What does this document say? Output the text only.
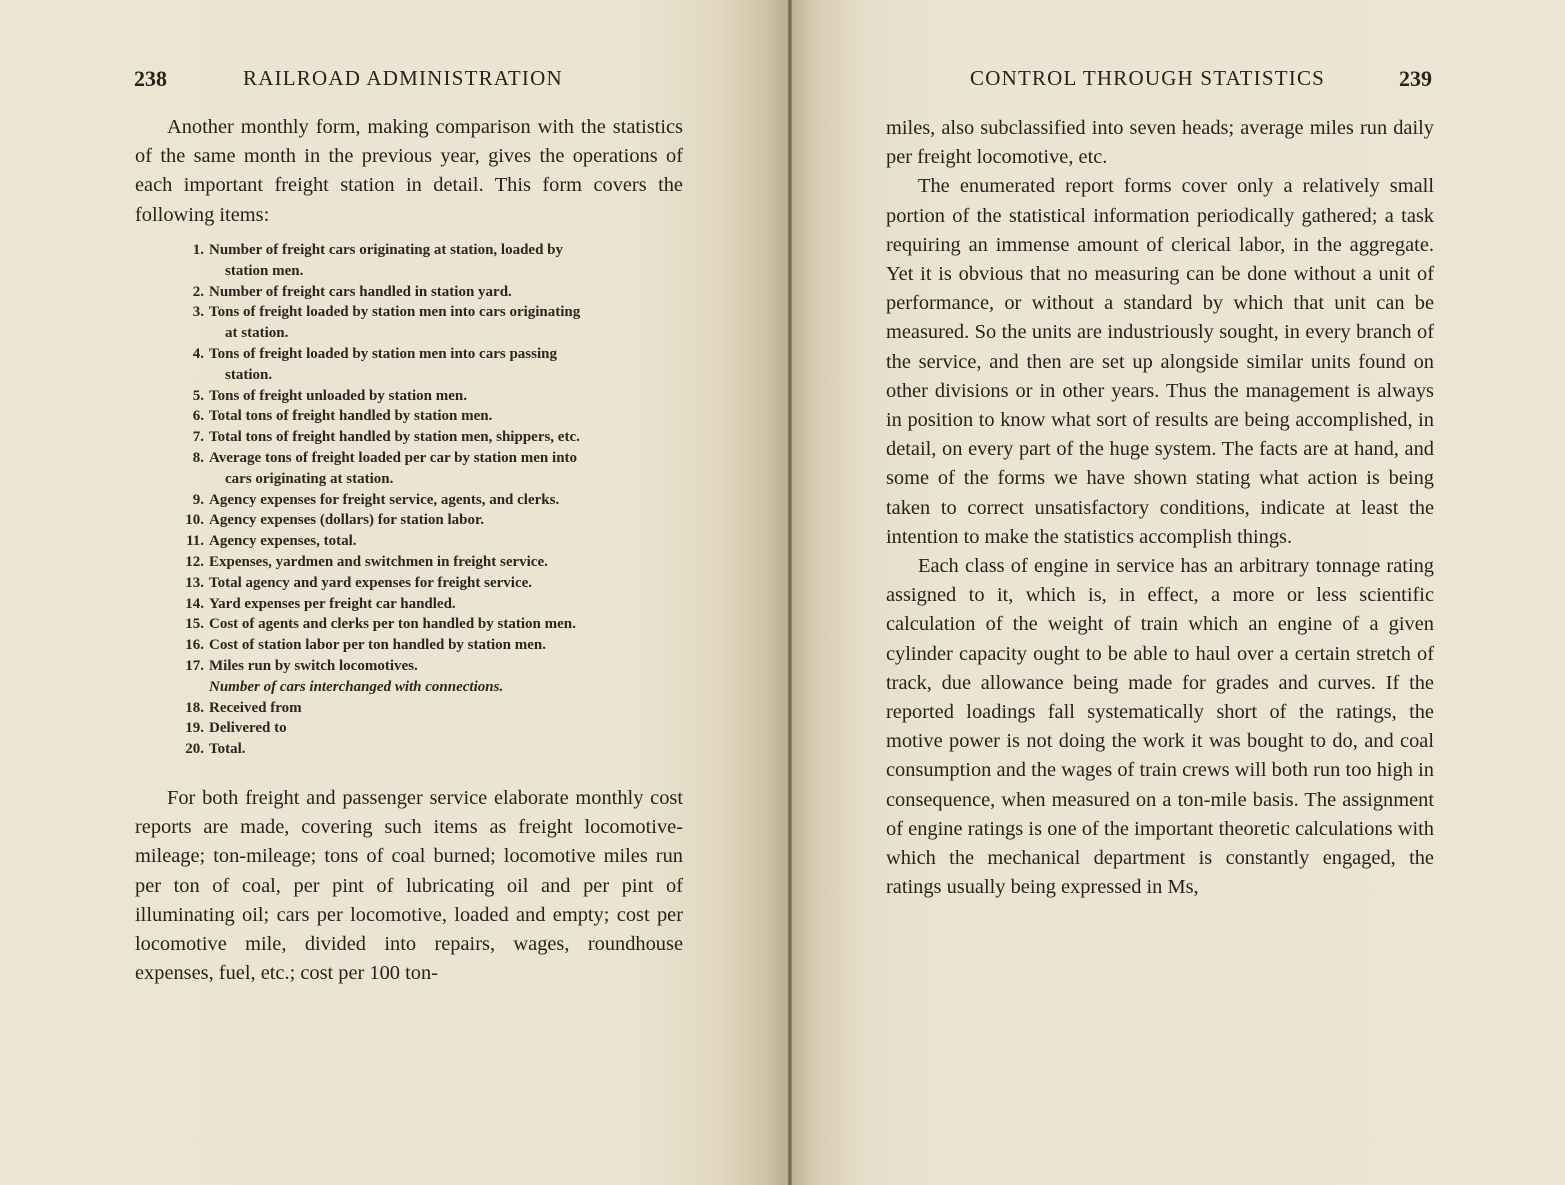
238	RAILROAD ADMINISTRATION

Another monthly form, making comparison with the statistics of the same month in the previous year, gives the operations of each important freight station in detail. This form covers the following items:

1. Number of freight cars originating at station, loaded by
station men.
2. Number of freight cars handled in station yard.
3. Tons of freight loaded by station men into cars originating
at station.
4. Tons of freight loaded by station men into cars passing
station.
5. Tons of freight unloaded by station men.
6. Total tons of freight handled by station men.
7. Total tons of freight handled by station men, shippers, etc.
8. Average tons of freight loaded per car by station men into
cars originating at station.
9. Agency expenses for freight service, agents, and clerks.
10. Agency expenses (dollars) for station labor.
11. Agency expenses, total.
12. Expenses, yardmen and switchmen in freight service.
13. Total agency and yard expenses for freight service.
14. Yard expenses per freight car handled.
15. Cost of agents and clerks per ton handled by station men.
16. Cost of station labor per ton handled by station men.
17. Miles run by switch locomotives.
Number of cars interchanged with connections.
18. Received from
19. Delivered to
20. Total.

For both freight and passenger service elaborate monthly cost reports are made, covering such items as freight locomotive-mileage; ton-mileage; tons of coal burned; locomotive miles run per ton of coal, per pint of lubricating oil and per pint of illuminating oil; cars per locomotive, loaded and empty; cost per locomotive mile, divided into repairs, wages, roundhouse expenses, fuel, etc.; cost per 100 ton-

CONTROL THROUGH STATISTICS	239

miles, also subclassified into seven heads; average miles run daily per freight locomotive, etc.

The enumerated report forms cover only a relatively small portion of the statistical information periodically gathered; a task requiring an immense amount of clerical labor, in the aggregate. Yet it is obvious that no measuring can be done without a unit of performance, or without a standard by which that unit can be measured. So the units are industriously sought, in every branch of the service, and then are set up alongside similar units found on other divisions or in other years. Thus the management is always in position to know what sort of results are being accomplished, in detail, on every part of the huge system. The facts are at hand, and some of the forms we have shown stating what action is being taken to correct unsatisfactory conditions, indicate at least the intention to make the statistics accomplish things.

Each class of engine in service has an arbitrary tonnage rating assigned to it, which is, in effect, a more or less scientific calculation of the weight of train which an engine of a given cylinder capacity ought to be able to haul over a certain stretch of track, due allowance being made for grades and curves. If the reported loadings fall systematically short of the ratings, the motive power is not doing the work it was bought to do, and coal consumption and the wages of train crews will both run too high in consequence, when measured on a ton-mile basis. The assignment of engine ratings is one of the important theoretic calculations with which the mechanical department is constantly engaged, the ratings usually being expressed in Ms,
